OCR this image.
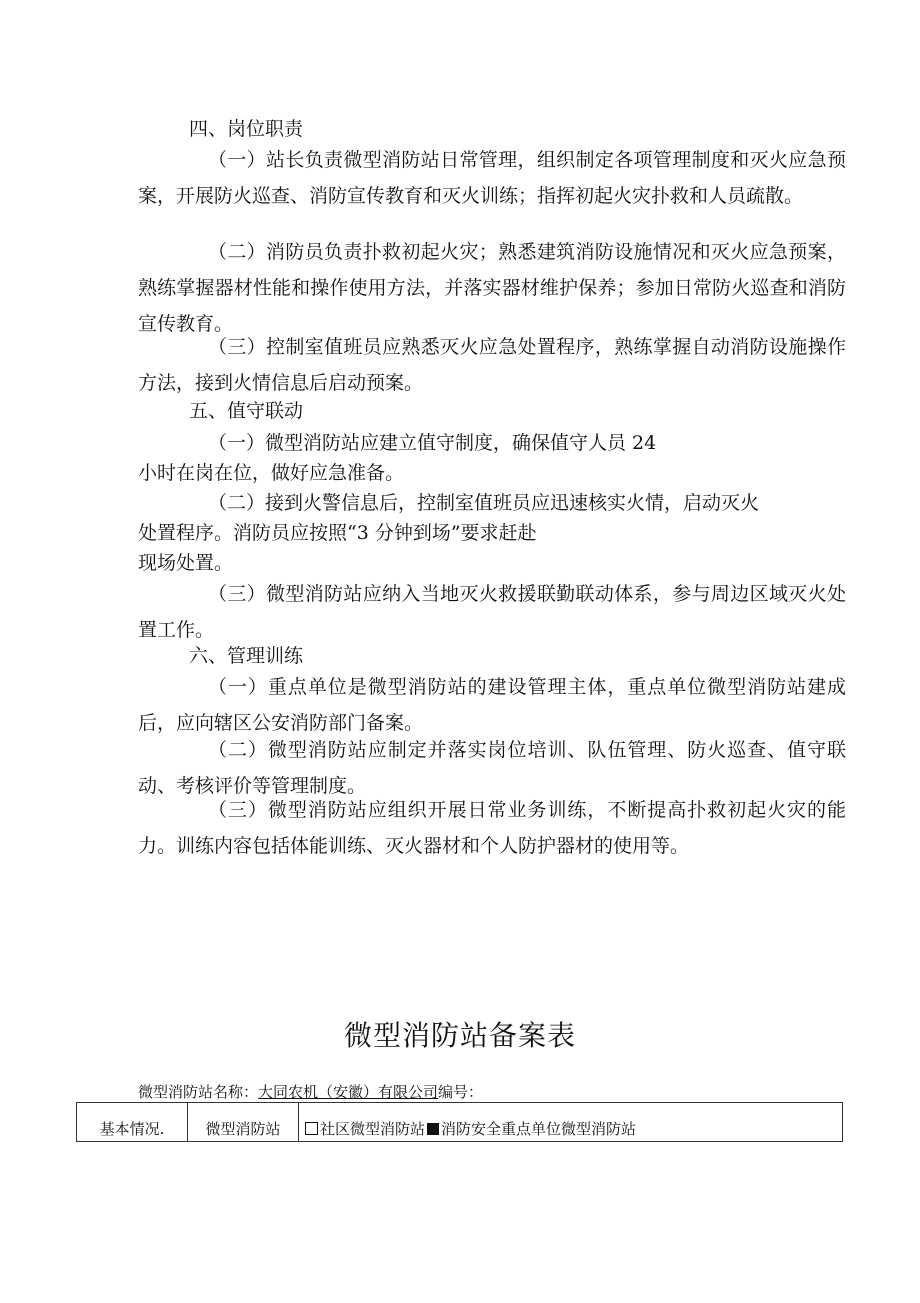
四、岗位职责

（一）站长负责微型消防站日常管理，组织制定各项管理制度和灭火应急预案，开展防火巡查、消防宣传教育和灭火训练；指挥初起火灾扑救和人员疏散。

（二）消防员负责扑救初起火灾；熟悉建筑消防设施情况和灭火应急预案，熟练掌握器材性能和操作使用方法，并落实器材维护保养；参加日常防火巡查和消防宣传教育。

（三）控制室值班员应熟悉灭火应急处置程序，熟练掌握自动消防设施操作方法，接到火情信息后启动预案。

五、值守联动
（一）微型消防站应建立值守制度，确保值守人员 24
小时在岗在位，做好应急准备。
（二）接到火警信息后，控制室值班员应迅速核实火情，启动灭火
处置程序。消防员应按照“3 分钟到场”要求赶赴
现场处置。

（三）微型消防站应纳入当地灭火救援联勤联动体系，参与周边区域灭火处置工作。

六、管理训练

（一）重点单位是微型消防站的建设管理主体，重点单位微型消防站建成后，应向辖区公安消防部门备案。

（二）微型消防站应制定并落实岗位培训、队伍管理、防火巡查、值守联动、考核评价等管理制度。

（三）微型消防站应组织开展日常业务训练，不断提高扑救初起火灾的能力。训练内容包括体能训练、灭火器材和个人防护器材的使用等。

微型消防站备案表
微型消防站名称：大同农机（安徽）有限公司编号：
基本情况.	微型消防站	社区微型消防站 消防安全重点单位微型消防站
